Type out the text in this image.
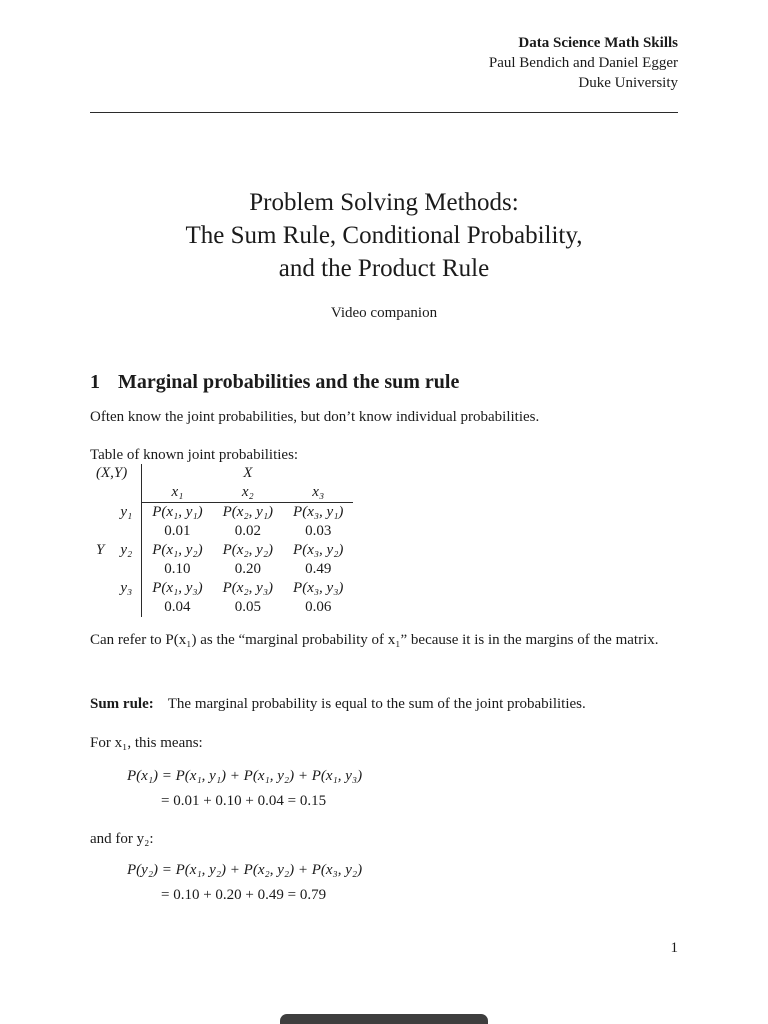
Data Science Math Skills
Paul Bendich and Daniel Egger
Duke University
Problem Solving Methods:
The Sum Rule, Conditional Probability,
and the Product Rule
Video companion
1 Marginal probabilities and the sum rule
Often know the joint probabilities, but don’t know individual probabilities.
Table of known joint probabilities:
(X,Y)		X		
		x₁	x₂	x₃
	y₁	P(x₁, y₁)	P(x₂, y₁)	P(x₃, y₁)
		0.01	0.02	0.03
Y	y₂	P(x₁, y₂)	P(x₂, y₂)	P(x₃, y₂)
		0.10	0.20	0.49
	y₃	P(x₁, y₃)	P(x₂, y₃)	P(x₃, y₃)
		0.04	0.05	0.06
Can refer to P(x₁) as the “marginal probability of x₁” because it is in the margins of the matrix.
Sum rule: The marginal probability is equal to the sum of the joint probabilities.
For x₁, this means:
P(x₁) = P(x₁, y₁) + P(x₁, y₂) + P(x₁, y₃)
= 0.01 + 0.10 + 0.04 = 0.15
and for y₂:
P(y₂) = P(x₁, y₂) + P(x₂, y₂) + P(x₃, y₂)
= 0.10 + 0.20 + 0.49 = 0.79
1
